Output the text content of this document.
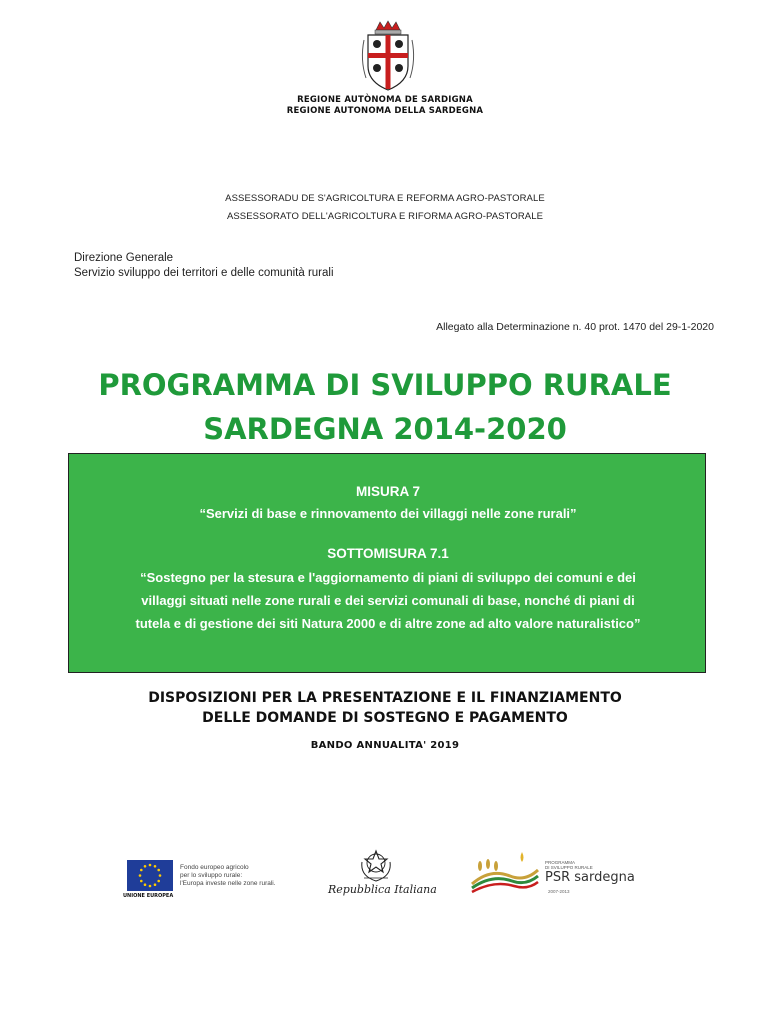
REGIONE AUTÒNOMA DE SARDIGNA
REGIONE AUTONOMA DELLA SARDEGNA
ASSESSORADU DE S'AGRICOLTURA E REFORMA AGRO-PASTORALE
ASSESSORATO DELL'AGRICOLTURA E RIFORMA AGRO-PASTORALE
Direzione Generale
Servizio sviluppo dei territori e delle comunità rurali
Allegato alla Determinazione n. 40 prot. 1470 del 29-1-2020
PROGRAMMA DI SVILUPPO RURALE
SARDEGNA 2014-2020
MISURA 7
“Servizi di base e rinnovamento dei villaggi nelle zone rurali”
SOTTOMISURA 7.1
“Sostegno per la stesura e l'aggiornamento di piani di sviluppo dei comuni e dei
villaggi situati nelle zone rurali e dei servizi comunali di base, nonché di piani di
tutela e di gestione dei siti Natura 2000 e di altre zone ad alto valore naturalistico”
DISPOSIZIONI PER LA PRESENTAZIONE E IL FINANZIAMENTO
DELLE DOMANDE DI SOSTEGNO E PAGAMENTO
BANDO ANNUALITA' 2019
UNIONE EUROPEA
Fondo europeo agricolo
per lo sviluppo rurale:
l'Europa investe nelle zone rurali.	Repubblica Italiana
PROGRAMMA
DI SVILUPPO RURALE
PSR sardegna
2007-2013
